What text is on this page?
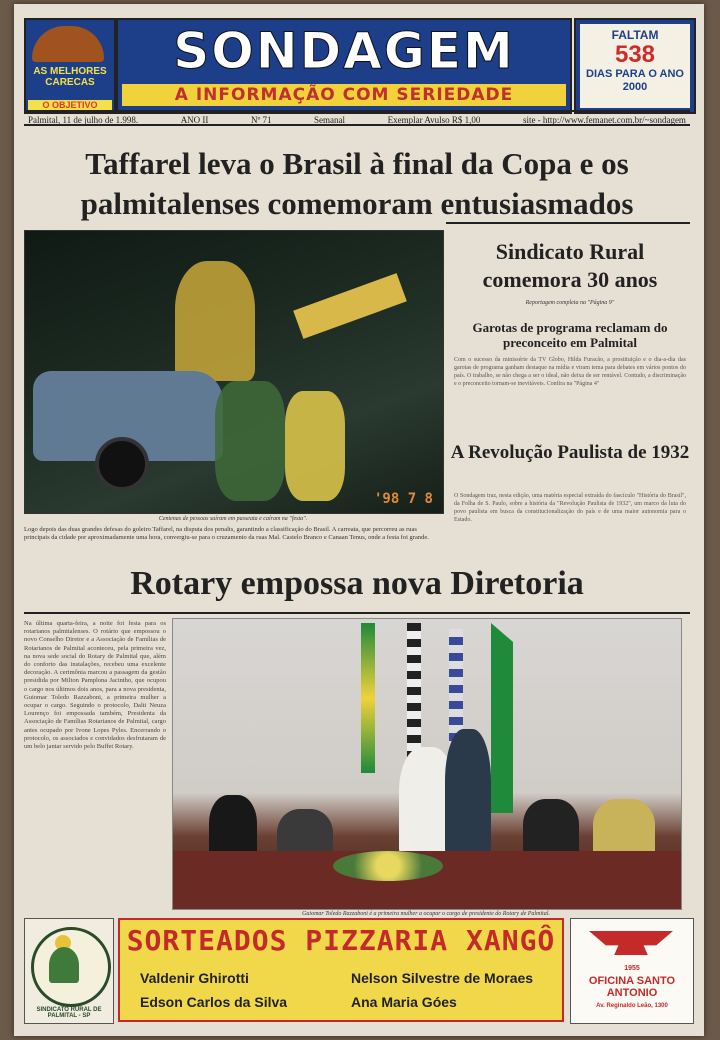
AS MELHORES CARECAS
O OBJETIVO
SONDAGEM
A INFORMAÇÃO COM SERIEDADE
FALTAM
538
DIAS PARA O ANO 2000
Palmital, 11 de julho de 1.998.	ANO II	Nº 71	Semanal	Exemplar Avulso R$ 1,00	site - http://www.femanet.com.br/~sondagem
Taffarel leva o Brasil à final da Copa e os palmitalenses comemoram entusiasmados
'98 7 8
Centenas de pessoas saíram em passeata e caíram na "festa".
Logo depois das duas grandes defesas do goleiro Taffarel, na disputa dos penalts, garantindo a classificação do Brasil. A carreata, que percorreu as ruas principais da cidade por aproximadamente uma hora, convergiu-se para o cruzamento da ruas Mal. Castelo Branco e Canaan Tenus, onde a festa foi grande.
Sindicato Rural comemora 30 anos
Reportagem completa na "Página 9"
Garotas de programa reclamam do preconceito em Palmital
Com o sucesso da minissérie da TV Globo, Hilda Furacão, a prostituição e o dia-a-dia das garotas de programa ganham destaque na mídia e viram tema para debates em vários pontos do país. O trabalho, se não chega a ser o ideal, não deixa de ser rentável. Contudo, a discriminação e o preconceito tornam-se inevitáveis. Confira na "Página 4"
A Revolução Paulista de 1932
O Sondagem traz, nesta edição, uma matéria especial extraída do fascículo "História do Brasil", da Folha de S. Paulo, sobre a história da "Revolução Paulista de 1932", um marco da luta do povo paulista em busca da constitucionalização do país e de uma maior autonomia para o Estado.
Rotary empossa nova Diretoria
Na última quarta-feira, a noite foi festa para os rotarianos palmitalenses. O rotário que empossou o novo Conselho Diretor e a Associação de Famílias de Rotarianos de Palmital aconteceu, pela primeira vez, na nova sede social do Rotary de Palmital que, além do conforto das instalações, recebeu uma excelente decoração. A cerimônia marcou a passagem da gestão presidida por Milton Pamplona Jacintho, que ocupou o cargo nos últimos dois anos, para a nova presidenta, Guiomar Toledo Razzaboni, a primeira mulher a ocupar o cargo. Seguindo o protocolo, Dalti Neuza Lourenço foi empossada também, Presidenta da Associação de Famílias Rotarianos de Palmital, cargo antes ocupado por Ivone Lopes Pyles. Encerrando o protocolo, os associados e convidados desfrutaram de um belo jantar servido pelo Buffet Rotary.
Guiomar Toledo Razzaboni é a primeira mulher a ocupar o cargo de presidente do Rotary de Palmital.
SINDICATO RURAL DE PALMITAL - SP
SORTEADOS PIZZARIA XANGÔ
Valdenir Ghirotti	Nelson Silvestre de Moraes
Edson Carlos da Silva	Ana Maria Góes
1955
OFICINA SANTO ANTONIO
Av. Reginaldo Leão, 1300
